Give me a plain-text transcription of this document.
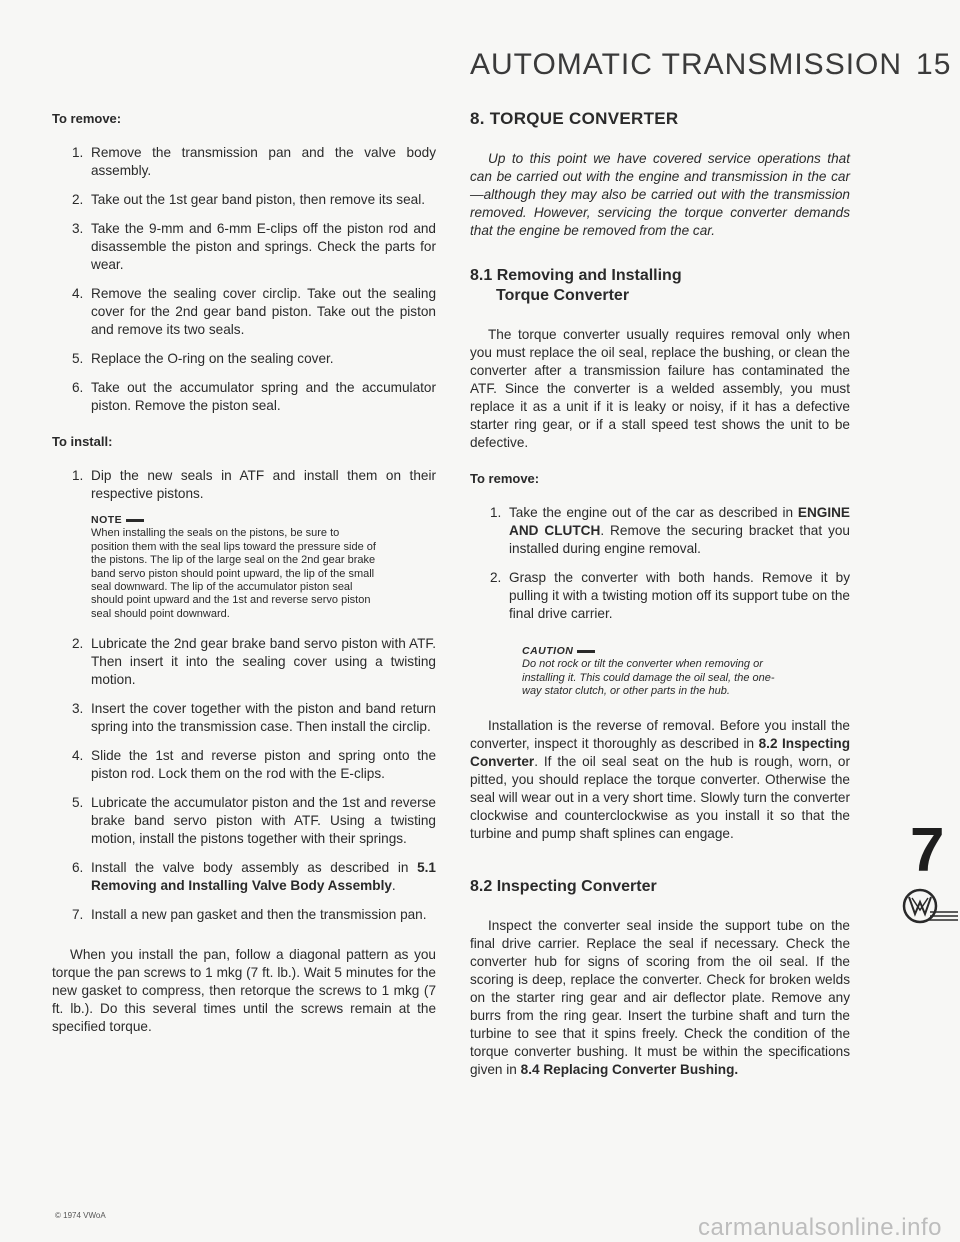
AUTOMATIC TRANSMISSION 15
To remove:
1. Remove the transmission pan and the valve body assembly.
2. Take out the 1st gear band piston, then remove its seal.
3. Take the 9-mm and 6-mm E-clips off the piston rod and disassemble the piston and springs. Check the parts for wear.
4. Remove the sealing cover circlip. Take out the sealing cover for the 2nd gear band piston. Take out the piston and remove its two seals.
5. Replace the O-ring on the sealing cover.
6. Take out the accumulator spring and the accumulator piston. Remove the piston seal.
To install:
1. Dip the new seals in ATF and install them on their respective pistons.
NOTE
When installing the seals on the pistons, be sure to position them with the seal lips toward the pressure side of the pistons. The lip of the large seal on the 2nd gear brake band servo piston should point upward, the lip of the small seal downward. The lip of the accumulator piston seal should point upward and the 1st and reverse servo piston seal should point downward.
2. Lubricate the 2nd gear brake band servo piston with ATF. Then insert it into the sealing cover using a twisting motion.
3. Insert the cover together with the piston and band return spring into the transmission case. Then install the circlip.
4. Slide the 1st and reverse piston and spring onto the piston rod. Lock them on the rod with the E-clips.
5. Lubricate the accumulator piston and the 1st and reverse brake band servo piston with ATF. Using a twisting motion, install the pistons together with their springs.
6. Install the valve body assembly as described in 5.1 Removing and Installing Valve Body Assembly.
7. Install a new pan gasket and then the transmission pan.

When you install the pan, follow a diagonal pattern as you torque the pan screws to 1 mkg (7 ft. lb.). Wait 5 minutes for the new gasket to compress, then retorque the screws to 1 mkg (7 ft. lb.). Do this several times until the screws remain at the specified torque.

© 1974 VWoA
8. TORQUE CONVERTER

Up to this point we have covered service operations that can be carried out with the engine and transmission in the car—although they may also be carried out with the transmission removed. However, servicing the torque converter demands that the engine be removed from the car.

8.1 Removing and Installing
Torque Converter

The torque converter usually requires removal only when you must replace the oil seal, replace the bushing, or clean the converter after a transmission failure has contaminated the ATF. Since the converter is a welded assembly, you must replace it as a unit if it is leaky or noisy, if it has a defective starter ring gear, or if a stall speed test shows the unit to be defective.

To remove:
1. Take the engine out of the car as described in ENGINE AND CLUTCH. Remove the securing bracket that you installed during engine removal.
2. Grasp the converter with both hands. Remove it by pulling it with a twisting motion off its support tube on the final drive carrier.
CAUTION
Do not rock or tilt the converter when removing or installing it. This could damage the oil seal, the one-way stator clutch, or other parts in the hub.

Installation is the reverse of removal. Before you install the converter, inspect it thoroughly as described in 8.2 Inspecting Converter. If the oil seal seat on the hub is rough, worn, or pitted, you should replace the torque converter. Otherwise the seal will wear out in a very short time. Slowly turn the converter clockwise and counterclockwise as you install it so that the turbine and pump shaft splines can engage.

8.2 Inspecting Converter

Inspect the converter seal inside the support tube on the final drive carrier. Replace the seal if necessary. Check the converter hub for signs of scoring from the oil seal. If the scoring is deep, replace the converter. Check for broken welds on the starter ring gear and air deflector plate. Remove any burrs from the ring gear. Insert the turbine shaft and turn the turbine to see that it spins freely. Check the condition of the torque converter bushing. It must be within the specifications given in 8.4 Replacing Converter Bushing.

7
carmanualsonline.info
